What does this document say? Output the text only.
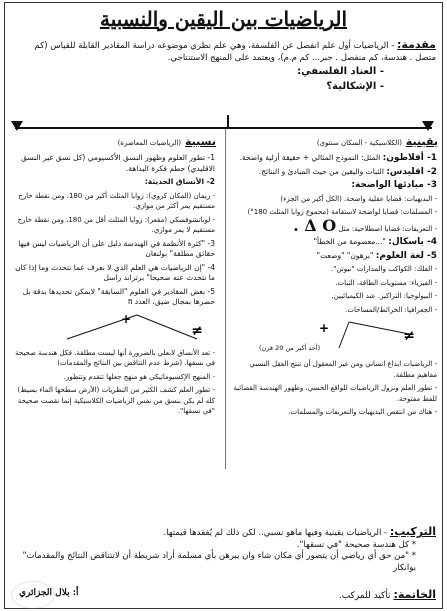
الرياضيات بين اليقين والنسبية
مقدمة: - الرياضيات أول علم انفصل عن الفلسفة، وهي علم نظري موضوعه دراسة المقادير القابلة للقياس (كم متصل . هندسة، كم منفصل . جبر... كم م.م)، ويعتمد على المنهج الاستنتاجي.
- العناد الفلسفي:
- الإشكالية؟
يقينية (الكلاسيكية - السكان سنتوي)
1- أفلاطون: المثل: النموذج المثالي + حقيقة أزلية واضحة.
2- اقليدس: الثبات واليقين من حيث المبادئ و النتائج.
3- مبادئها الواضحة:
- البديهيات: قضايا عقلية واضحة. (الكل أكبر من الجزء)
- المسلمات: قضايا لواضحة لاستقامة (مجموع زوايا المثلث 180°)
- التعريفات: قضايا اصطلاحية: مثل Δ O .
4- باسكال: "...معصومة من الخطأ"
5- لغة العلوم: "برهون" "وضعت"
- الفلك: الكواكب والمدارات "نيوتن".
- الفيزياء: مستويات الطاقة، الثبات.
- البيولوجيا: التراكيز. عند الكيميائيين.
- الجغرافيا: الخرائط/المساحات.
+	≠
(أحد أكبر من 20 قرن)
- الرياضيات ابداع انساني ومن غير المعقول أن تنتج العقل النسبي مفاهيم مطلقة.
- تطور العلم ونزول الرياضيات للواقع الحسي، وظهور الهندسة القضائية للفظ مفتوحة.
- هناك من انتقص البديهيات والتعريفات والمسلمات.
نسبية (الرياضيات المعاصرة)
1- تطور العلوم وظهور النسق الأكسيومي (كل نسق غير النسق الاقليدي) حطم فكرة البداهة.
2- الأنساق الحديثة:
- ريمان (المكان كروي): زوايا المثلث أكبر من 180، ومن نقطة خارج مستقيم يمر أكثر من موازي.
- لوباتشوفسكي (مقعر): زوايا المثلث أقل من 180، ومن نقطة خارج مستقيم لا يمر موازي.
3- "كثرة الأنظمة في الهندسة دليل على أن الرياضيات ليس فيها حقائق مطلقة" بولنغان
4- "إن الرياضيات هي العلم الذي لا نعرف عما نتحدث وما إذا كان ما نتحدث عنه صحيحا" برتراند راسل
5- بعض المقادير في العلوم "السابقة" لايمكن تحديدها بدقة بل حصرها بمجال ضيق، العدد π
+
≠
- تعد الأنساق لابعلي بالضرورة أنها ليست مطلقة. فكل هندسة صحيحة في نسقها. (شرط عدم التناقض بين النتائج والمقدمات)
- المنهج الإكسيوماتيكي هو منهج جعلها تتقدم وتتطور.
- تطور العلم كشف الكثير من النظريات (الأرض سطحها الماء بسيط) كله لم يكن بنسق من نفس الرياضيات الكلاسيكية إنما نقصت صحيحة "في نسقها".
التركيب: - الرياضيات يقينية وفيها ماهو نسبي.. لكن ذلك لم يُفقدها قيمتها.
* كل هندسة صحيحة "في نسقها".
* "من حق أي رياضي أن يتصور أي مكان شاء وان يبرهن بأي مسلمة أراد شريطة أن لاتتناقض النتائج والمقدمات" بوانكار
الخاتمة: تأكيد للمركب.
أ: بلال الجزائري
